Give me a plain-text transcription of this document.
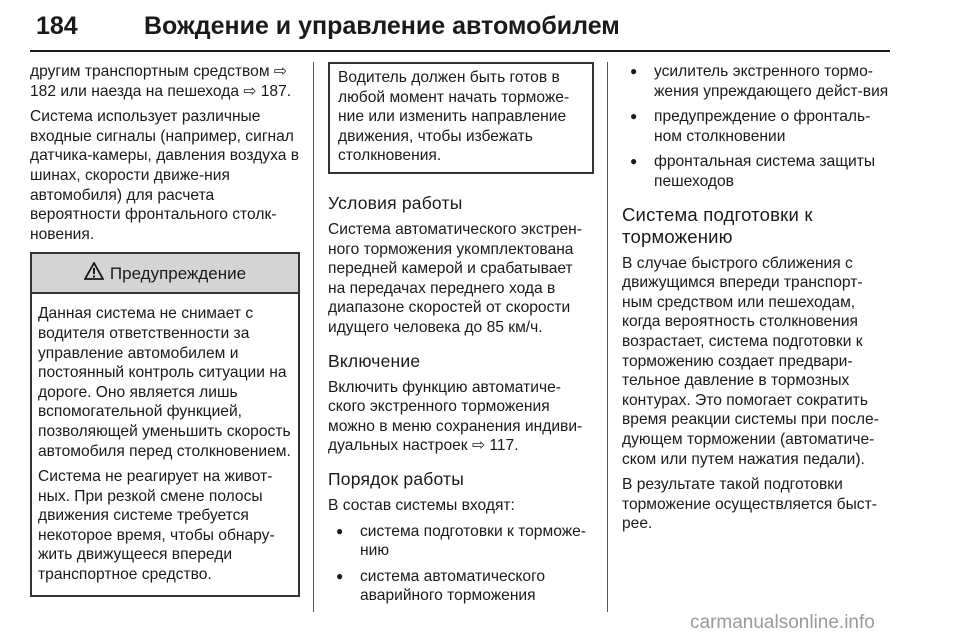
184	Вождение и управление автомобилем

другим транспортным средством ⇨ 182 или наезда на пешехода ⇨ 187.

Система использует различные входные сигналы (например, сигнал датчика-камеры, давления воздуха в шинах, скорости движе-ния автомобиля) для расчета вероятности фронтального столк-новения.

Предупреждение

Данная система не снимает с водителя ответственности за управление автомобилем и постоянный контроль ситуации на дороге. Оно является лишь вспомогательной функцией, позволяющей уменьшить скорость автомобиля перед столкновением.

Система не реагирует на живот-ных. При резкой смене полосы движения системе требуется некоторое время, чтобы обнару-жить движущееся впереди транспортное средство.

Водитель должен быть готов в любой момент начать торможе-ние или изменить направление движения, чтобы избежать столкновения.
Условия работы

Система автоматического экстрен-ного торможения укомплектована передней камерой и срабатывает на передачах переднего хода в диапазоне скоростей от скорости идущего человека до 85 км/ч.

Включение

Включить функцию автоматиче-ского экстренного торможения можно в меню сохранения индиви-дуальных настроек ⇨ 117.

Порядок работы

В состав системы входят:

● система подготовки к торможе-нию
● система автоматического аварийного торможения
● усилитель экстренного тормо-жения упреждающего дейст-вия
● предупреждение о фронталь-ном столкновении
● фронтальная система защиты пешеходов
Система подготовки к торможению

В случае быстрого сближения с движущимся впереди транспорт-ным средством или пешеходам, когда вероятность столкновения возрастает, система подготовки к торможению создает предвари-тельное давление в тормозных контурах. Это помогает сократить время реакции системы при после-дующем торможении (автоматиче-ском или путем нажатия педали).

В результате такой подготовки торможение осуществляется быст-рее.

carmanualsonline.info
